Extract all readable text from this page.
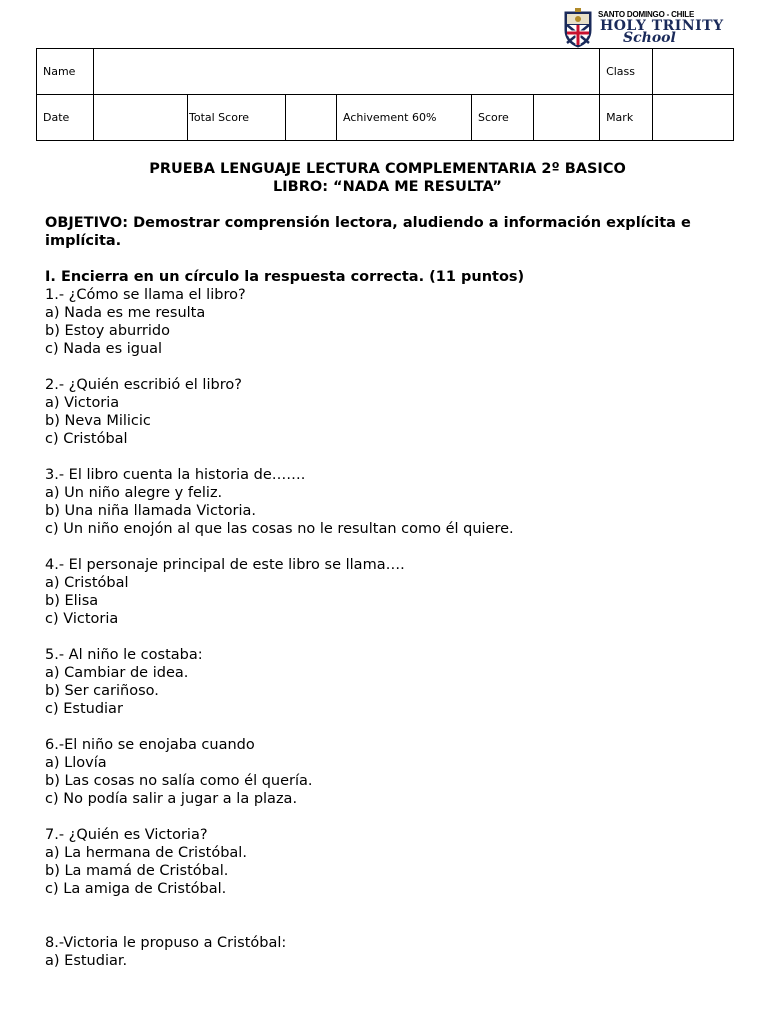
SANTO DOMINGO - CHILE
HOLY TRINITY
School
Name							Class	
Date		Total Score		Achivement 60%	Score		Mark	
PRUEBA LENGUAJE LECTURA COMPLEMENTARIA 2º BASICO
LIBRO: “NADA ME RESULTA”
OBJETIVO: Demostrar comprensión lectora, aludiendo a información explícita e implícita.
I. Encierra en un círculo la respuesta correcta. (11 puntos)
1.- ¿Cómo se llama el libro?
a) Nada es me resulta
b) Estoy aburrido
c) Nada es igual
2.- ¿Quién escribió el libro?
a) Victoria
b) Neva Milicic
c) Cristóbal
3.- El libro cuenta la historia de…….
a) Un niño alegre y feliz.
b) Una niña llamada Victoria.
c) Un niño enojón al que las cosas no le resultan como él quiere.
4.- El personaje principal de este libro se llama….
a) Cristóbal
b) Elisa
c) Victoria
5.- Al niño le costaba:
a) Cambiar de idea.
b) Ser cariñoso.
c) Estudiar
6.-El niño se enojaba cuando
a) Llovía
b) Las cosas no salía como él quería.
c) No podía salir a jugar a la plaza.
7.- ¿Quién es Victoria?
a) La hermana de Cristóbal.
b) La mamá de Cristóbal.
c) La amiga de Cristóbal.
8.-Victoria le propuso a Cristóbal:
a) Estudiar.
